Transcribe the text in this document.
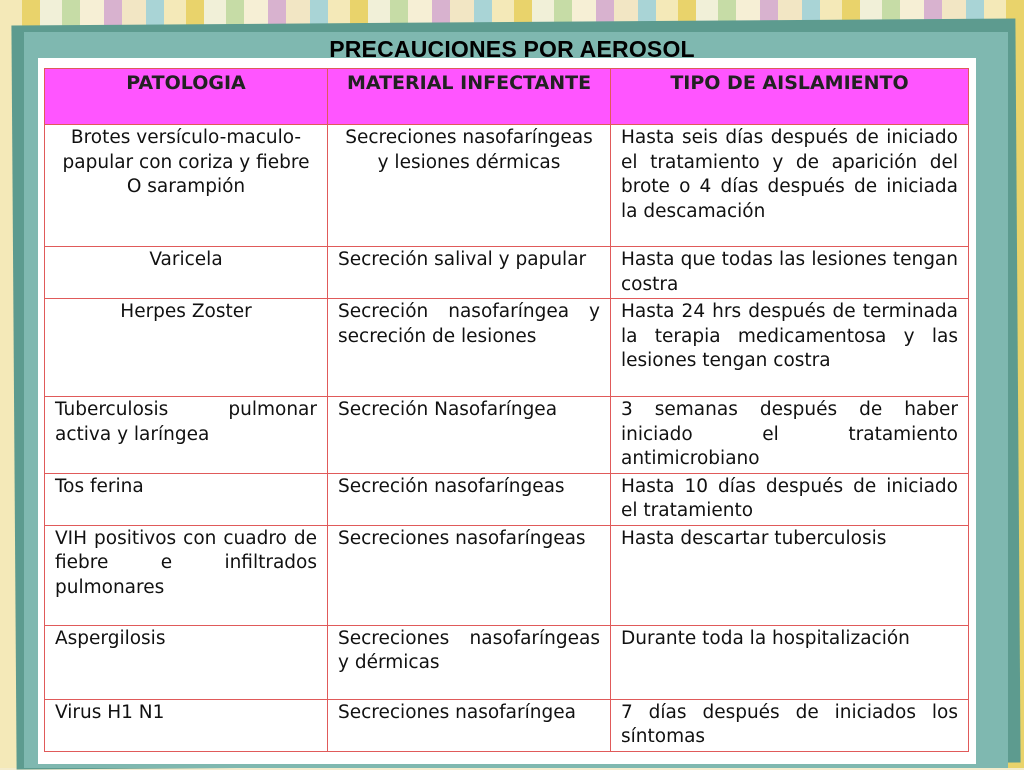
PRECAUCIONES POR AEROSOL
PATOLOGIA	MATERIAL INFECTANTE	TIPO DE AISLAMIENTO
Brotes versículo-maculo- papular con coriza y fiebre O sarampión	Secreciones nasofaríngeas y lesiones dérmicas	Hasta seis días después de iniciado el tratamiento y de aparición del brote o 4 días después de iniciada la descamación
Varicela	Secreción salival y papular	Hasta que todas las lesiones tengan costra
Herpes Zoster	Secreción nasofaríngea y secreción de lesiones	Hasta 24 hrs después de terminada la terapia medicamentosa y las lesiones tengan costra
Tuberculosis pulmonar activa y laríngea	Secreción Nasofaríngea	3 semanas después de haber iniciado el tratamiento antimicrobiano
Tos ferina	Secreción nasofaríngeas	Hasta 10 días después de iniciado el tratamiento
VIH positivos con cuadro de fiebre e infiltrados pulmonares	Secreciones nasofaríngeas	Hasta descartar tuberculosis
Aspergilosis	Secreciones nasofaríngeas y dérmicas	Durante toda la hospitalización
Virus H1 N1	Secreciones nasofaríngea	7 días después de iniciados los síntomas
